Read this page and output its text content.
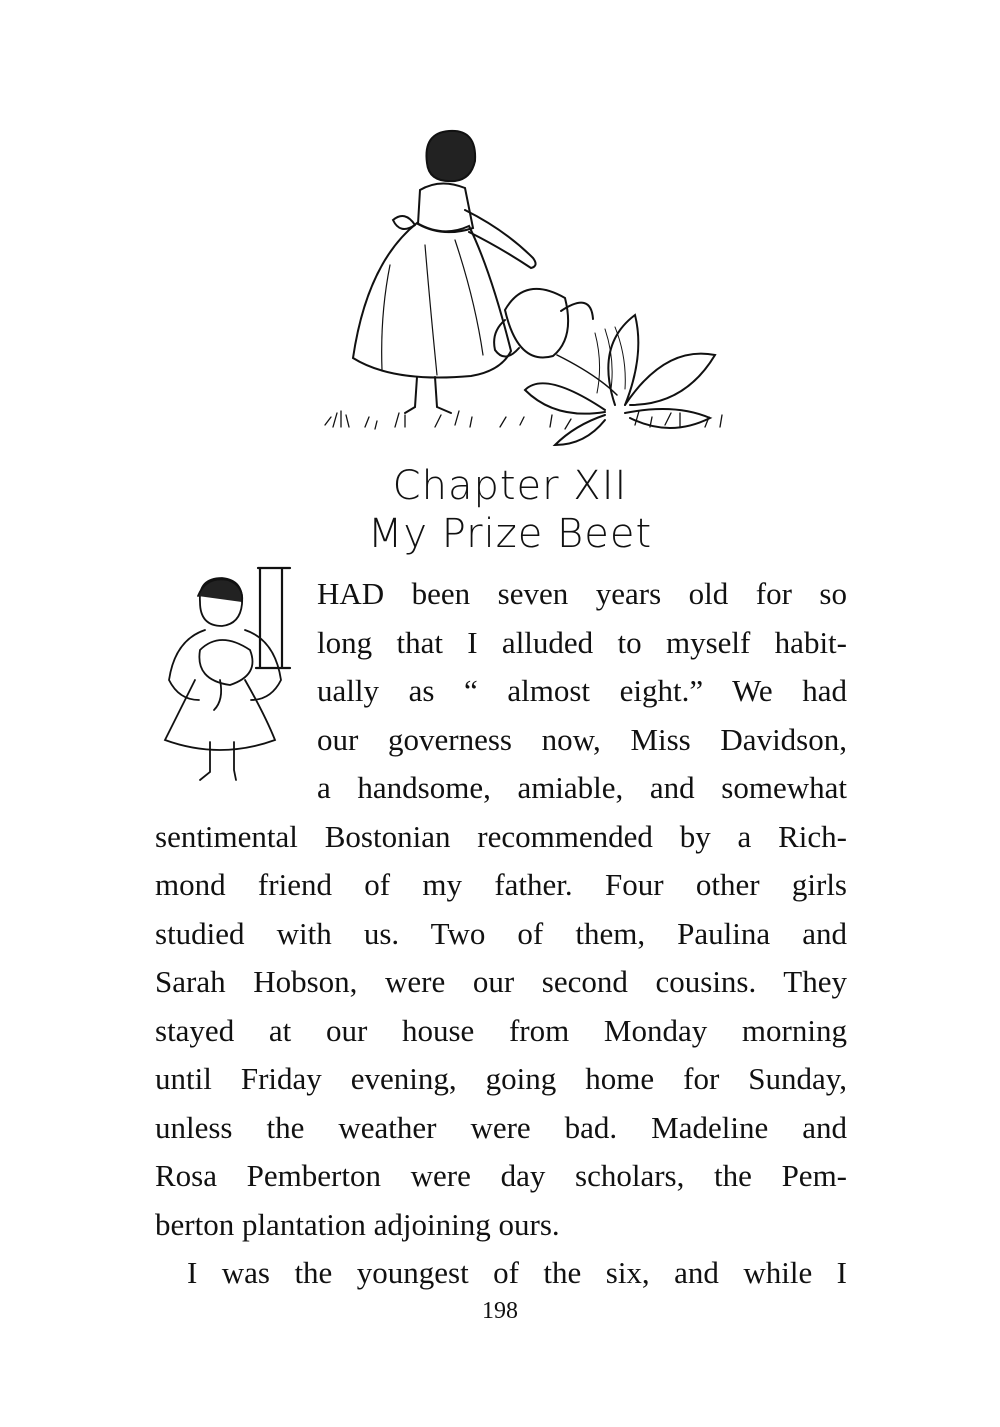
Chapter XII
My Prize Beet
HAD been seven years old for so
long that I alluded to myself habit-
ually as “ almost eight.” We had
our governess now, Miss Davidson,
a handsome, amiable, and somewhat
sentimental Bostonian recommended by a Rich-
mond friend of my father. Four other girls
studied with us. Two of them, Paulina and
Sarah Hobson, were our second cousins. They
stayed at our house from Monday morning
until Friday evening, going home for Sunday,
unless the weather were bad. Madeline and
Rosa Pemberton were day scholars, the Pem-
berton plantation adjoining ours.
I was the youngest of the six, and while I
198
